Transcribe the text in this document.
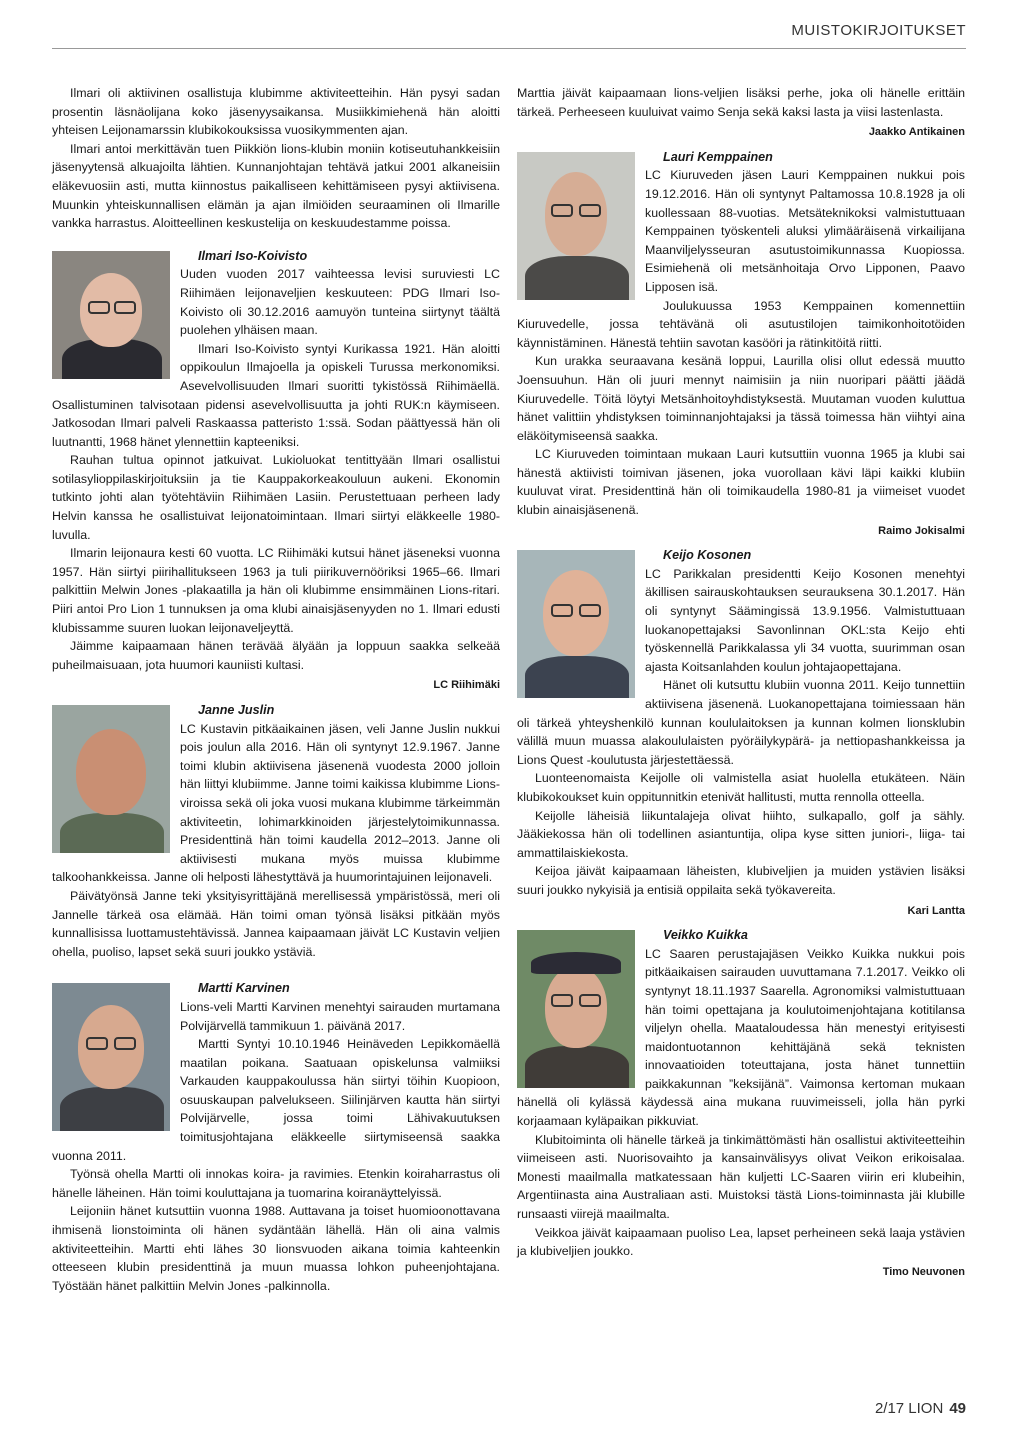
MUISTOKIRJOITUKSET

Ilmari oli aktiivinen osallistuja klubimme aktiviteetteihin. Hän pysyi sadan prosentin läsnäolijana koko jäsenyysaikansa. Musiikkimiehenä hän aloitti yhteisen Leijonamarssin klubikokouksissa vuosikymmenten ajan.

Ilmari antoi merkittävän tuen Piikkiön lions-klubin moniin kotiseutuhankkeisiin jäsenyytensä alkuajoilta lähtien. Kunnanjohtajan tehtävä jatkui 2001 alkaneisiin eläkevuosiin asti, mutta kiinnostus paikalliseen kehittämiseen pysyi aktiivisena. Muunkin yhteiskunnallisen elämän ja ajan ilmiöiden seuraaminen oli Ilmarille vankka harrastus. Aloitteellinen keskustelija on keskuudestamme poissa.

Ilmari Iso-Koivisto

Uuden vuoden 2017 vaihteessa levisi suruviesti LC Riihimäen leijonaveljien keskuuteen: PDG Ilmari Iso-Koivisto oli 30.12.2016 aamuyön tunteina siirtynyt täältä puolehen ylhäisen maan.

Ilmari Iso-Koivisto syntyi Kurikassa 1921. Hän aloitti oppikoulun Ilmajoella ja opiskeli Turussa merkonomiksi. Asevelvollisuuden Ilmari suoritti tykistössä Riihimäellä. Osallistuminen talvisotaan pidensi asevelvollisuutta ja johti RUK:n käymiseen. Jatkosodan Ilmari palveli Raskaassa patteristo 1:ssä. Sodan päättyessä hän oli luutnantti, 1968 hänet ylennettiin kapteeniksi.

Rauhan tultua opinnot jatkuivat. Lukioluokat tentittyään Ilmari osallistui sotilasylioppilaskirjoituksiin ja tie Kauppakorkeakouluun aukeni. Ekonomin tutkinto johti alan työtehtäviin Riihimäen Lasiin. Perustettuaan perheen lady Helvin kanssa he osallistuivat leijonatoimintaan. Ilmari siirtyi eläkkeelle 1980-luvulla.

Ilmarin leijonaura kesti 60 vuotta. LC Riihimäki kutsui hänet jäseneksi vuonna 1957. Hän siirtyi piirihallitukseen 1963 ja tuli piirikuvernööriksi 1965–66. Ilmari palkittiin Melwin Jones -plakaatilla ja hän oli klubimme ensimmäinen Lions-ritari. Piiri antoi Pro Lion 1 tunnuksen ja oma klubi ainaisjäsenyyden no 1. Ilmari edusti klubissamme suuren luokan leijonaveljeyttä.

Jäimme kaipaamaan hänen terävää älyään ja loppuun saakka selkeää puheilmaisuaan, jota huumori kauniisti kultasi.

LC Riihimäki

Janne Juslin

LC Kustavin pitkäaikainen jäsen, veli Janne Juslin nukkui pois joulun alla 2016. Hän oli syntynyt 12.9.1967. Janne toimi klubin aktiivisena jäsenenä vuodesta 2000 jolloin hän liittyi klubiimme. Janne toimi kaikissa klubimme Lions-viroissa sekä oli joka vuosi mukana klubimme tärkeimmän aktiviteetin, lohimarkkinoiden järjestelytoimikunnassa. Presidenttinä hän toimi kaudella 2012–2013. Janne oli aktiivisesti mukana myös muissa klubimme talkoohankkeissa. Janne oli helposti lähestyttävä ja huumorintajuinen leijonaveli.

Päivätyönsä Janne teki yksityisyrittäjänä merellisessä ympäristössä, meri oli Jannelle tärkeä osa elämää. Hän toimi oman työnsä lisäksi pitkään myös kunnallisissa luottamustehtävissä. Jannea kaipaamaan jäivät LC Kustavin veljien ohella, puoliso, lapset sekä suuri joukko ystäviä.

Martti Karvinen

Lions-veli Martti Karvinen menehtyi sairauden murtamana Polvijärvellä tammikuun 1. päivänä 2017.

Martti Syntyi 10.10.1946 Heinäveden Lepikkomäellä maatilan poikana. Saatuaan opiskelunsa valmiiksi Varkauden kauppakoulussa hän siirtyi töihin Kuopioon, osuuskaupan palvelukseen. Siilinjärven kautta hän siirtyi Polvijärvelle, jossa toimi Lähivakuutuksen toimitusjohtajana eläkkeelle siirtymiseensä saakka vuonna 2011.

Työnsä ohella Martti oli innokas koira- ja ravimies. Etenkin koiraharrastus oli hänelle läheinen. Hän toimi kouluttajana ja tuomarina koiranäyttelyissä.

Leijoniin hänet kutsuttiin vuonna 1988. Auttavana ja toiset huomioonottavana ihmisenä lionstoiminta oli hänen sydäntään lähellä. Hän oli aina valmis aktiviteetteihin. Martti ehti lähes 30 lionsvuoden aikana toimia kahteenkin otteeseen klubin presidenttinä ja muun muassa lohkon puheenjohtajana. Työstään hänet palkittiin Melvin Jones -palkinnolla.

Marttia jäivät kaipaamaan lions-veljien lisäksi perhe, joka oli hänelle erittäin tärkeä. Perheeseen kuuluivat vaimo Senja sekä kaksi lasta ja viisi lastenlasta.

Jaakko Antikainen

Lauri Kemppainen

LC Kiuruveden jäsen Lauri Kemppainen nukkui pois 19.12.2016. Hän oli syntynyt Paltamossa 10.8.1928 ja oli kuollessaan 88-vuotias. Metsäteknikoksi valmistuttuaan Kemppainen työskenteli aluksi ylimääräisenä virkailijana Maanviljelysseuran asutustoimikunnassa Kuopiossa. Esimiehenä oli metsänhoitaja Orvo Lipponen, Paavo Lipposen isä.

Joulukuussa 1953 Kemppainen komennettiin Kiuruvedelle, jossa tehtävänä oli asutustilojen taimikonhoitotöiden käynnistäminen. Hänestä tehtiin savotan kasööri ja rätinkitöitä riitti.

Kun urakka seuraavana kesänä loppui, Laurilla olisi ollut edessä muutto Joensuuhun. Hän oli juuri mennyt naimisiin ja niin nuoripari päätti jäädä Kiuruvedelle. Töitä löytyi Metsänhoitoyhdistyksestä. Muutaman vuoden kuluttua hänet valittiin yhdistyksen toiminnanjohtajaksi ja tässä toimessa hän viihtyi aina eläköitymiseensä saakka.

LC Kiuruveden toimintaan mukaan Lauri kutsuttiin vuonna 1965 ja klubi sai hänestä aktiivisti toimivan jäsenen, joka vuorollaan kävi läpi kaikki klubiin kuuluvat virat. Presidenttinä hän oli toimikaudella 1980-81 ja viimeiset vuodet klubin ainaisjäsenenä.

Raimo Jokisalmi

Keijo Kosonen

LC Parikkalan presidentti Keijo Kosonen menehtyi äkillisen sairauskohtauksen seurauksena 30.1.2017. Hän oli syntynyt Säämingissä 13.9.1956. Valmistuttuaan luokanopettajaksi Savonlinnan OKL:sta Keijo ehti työskennellä Parikkalassa yli 34 vuotta, suurimman osan ajasta Koitsanlahden koulun johtajaopettajana.

Hänet oli kutsuttu klubiin vuonna 2011. Keijo tunnettiin aktiivisena jäsenenä. Luokanopettajana toimiessaan hän oli tärkeä yhteyshenkilö kunnan koululaitoksen ja kunnan kolmen lionsklubin välillä muun muassa alakoululaisten pyöräilykypärä- ja nettiopashankkeissa ja Lions Quest -koulutusta järjestettäessä.

Luonteenomaista Keijolle oli valmistella asiat huolella etukäteen. Näin klubikokoukset kuin oppitunnitkin etenivät hallitusti, mutta rennolla otteella.

Keijolle läheisiä liikuntalajeja olivat hiihto, sulkapallo, golf ja sähly. Jääkiekossa hän oli todellinen asiantuntija, olipa kyse sitten juniori-, liiga- tai ammattilaiskiekosta.

Keijoa jäivät kaipaamaan läheisten, klubiveljien ja muiden ystävien lisäksi suuri joukko nykyisiä ja entisiä oppilaita sekä työkavereita.

Kari Lantta

Veikko Kuikka

LC Saaren perustajajäsen Veikko Kuikka nukkui pois pitkäaikaisen sairauden uuvuttamana 7.1.2017. Veikko oli syntynyt 18.11.1937 Saarella. Agronomiksi valmistuttuaan hän toimi opettajana ja koulutoimenjohtajana kotitilansa viljelyn ohella. Maataloudessa hän menestyi erityisesti maidontuotannon kehittäjänä sekä teknisten innovaatioiden toteuttajana, josta hänet tunnettiin paikkakunnan ”keksijänä”. Vaimonsa kertoman mukaan hänellä oli kylässä käydessä aina mukana ruuvimeisseli, jolla hän pyrki korjaamaan kyläpaikan pikkuviat.

Klubitoiminta oli hänelle tärkeä ja tinkimättömästi hän osallistui aktiviteetteihin viimeiseen asti. Nuorisovaihto ja kansainvälisyys olivat Veikon erikoisalaa. Monesti maailmalla matkatessaan hän kuljetti LC-Saaren viirin eri klubeihin, Argentiinasta aina Australiaan asti. Muistoksi tästä Lions-toiminnasta jäi klubille runsaasti viirejä maailmalta.

Veikkoa jäivät kaipaamaan puoliso Lea, lapset perheineen sekä laaja ystävien ja klubiveljien joukko.

Timo Neuvonen
2/17 LION 49
